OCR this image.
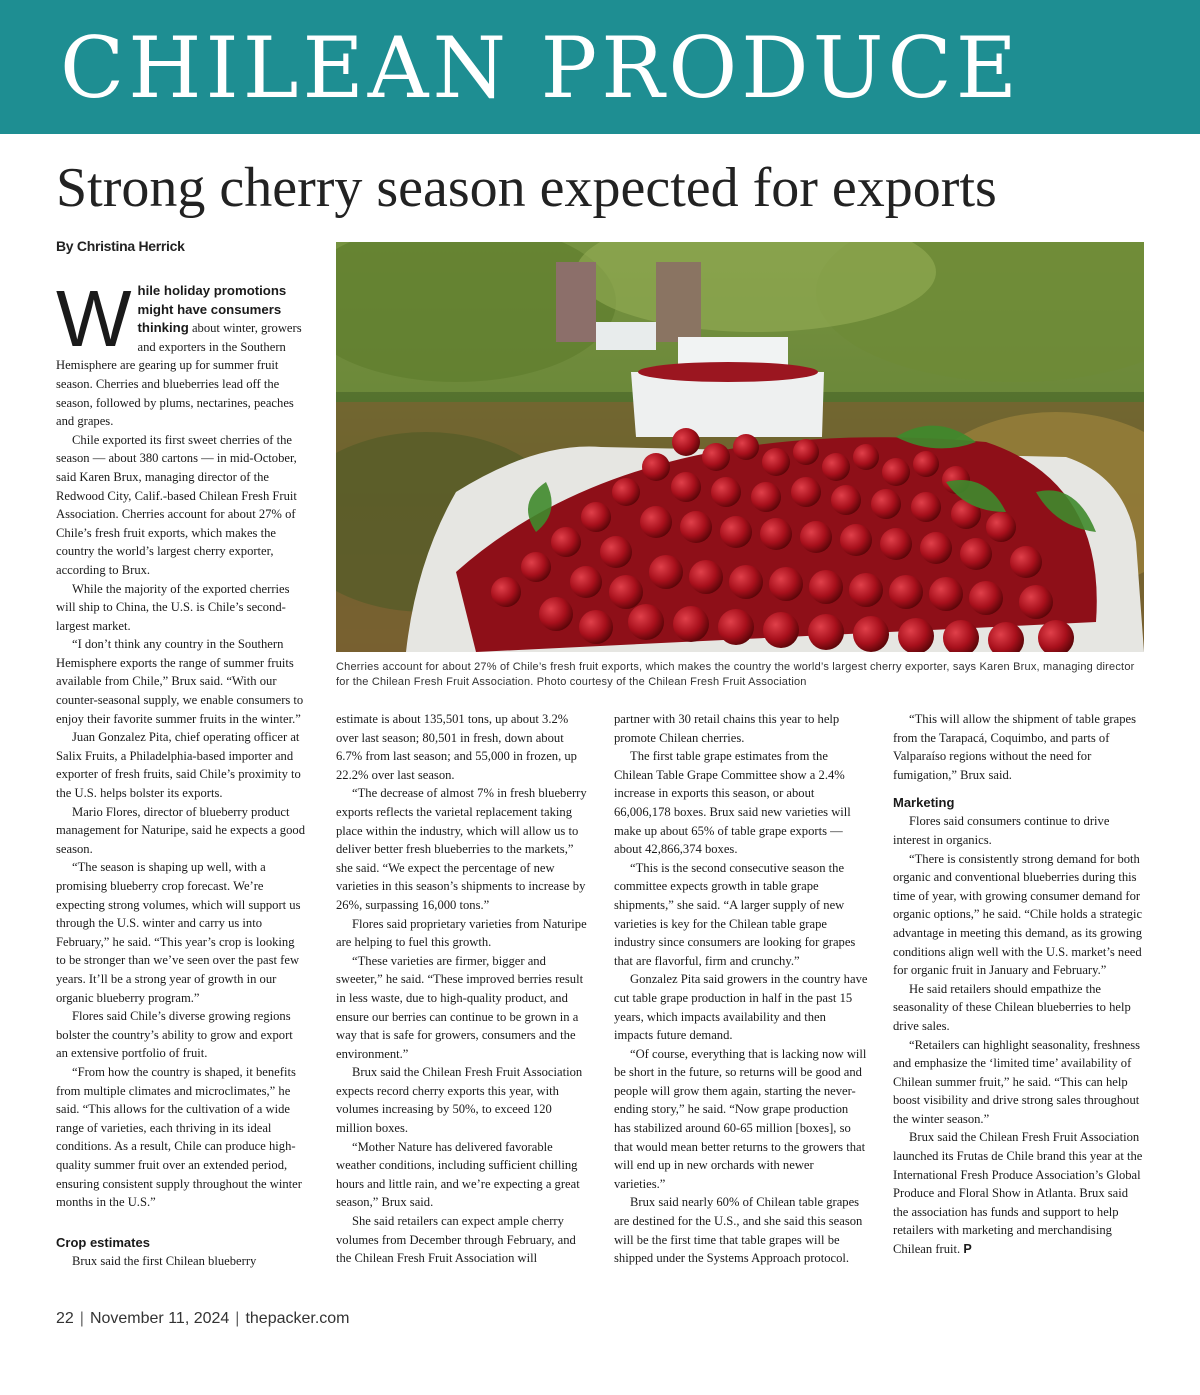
CHILEAN PRODUCE
Strong cherry season expected for exports
By Christina Herrick
Cherries account for about 27% of Chile’s fresh fruit exports, which makes the country the world’s largest cherry exporter, says Karen Brux, managing director for the Chilean Fresh Fruit Association. Photo courtesy of the Chilean Fresh Fruit Association

While holiday promotions might have consumers thinking about winter, growers and exporters in the Southern Hemisphere are gearing up for summer fruit season. Cherries and blueberries lead off the season, followed by plums, nectarines, peaches and grapes.

Chile exported its first sweet cherries of the season — about 380 cartons — in mid-October, said Karen Brux, managing director of the Redwood City, Calif.-based Chilean Fresh Fruit Association. Cherries account for about 27% of Chile’s fresh fruit exports, which makes the country the world’s largest cherry exporter, according to Brux.

While the majority of the exported cherries will ship to China, the U.S. is Chile’s second-largest market.

“I don’t think any country in the Southern Hemisphere exports the range of summer fruits available from Chile,” Brux said. “With our counter-seasonal supply, we enable consumers to enjoy their favorite summer fruits in the winter.”

Juan Gonzalez Pita, chief operating officer at Salix Fruits, a Philadelphia-based importer and exporter of fresh fruits, said Chile’s proximity to the U.S. helps bolster its exports.

Mario Flores, director of blueberry product management for Naturipe, said he expects a good season.

“The season is shaping up well, with a promising blueberry crop forecast. We’re expecting strong volumes, which will support us through the U.S. winter and carry us into February,” he said. “This year’s crop is looking to be stronger than we’ve seen over the past few years. It’ll be a strong year of growth in our organic blueberry program.”

Flores said Chile’s diverse growing regions bolster the country’s ability to grow and export an extensive portfolio of fruit.

“From how the country is shaped, it benefits from multiple climates and microclimates,” he said. “This allows for the cultivation of a wide range of varieties, each thriving in its ideal conditions. As a result, Chile can produce high-quality summer fruit over an extended period, ensuring consistent supply throughout the winter months in the U.S.”

Crop estimates

Brux said the first Chilean blueberry

estimate is about 135,501 tons, up about 3.2% over last season; 80,501 in fresh, down about 6.7% from last season; and 55,000 in frozen, up 22.2% over last season.

“The decrease of almost 7% in fresh blueberry exports reflects the varietal replacement taking place within the industry, which will allow us to deliver better fresh blueberries to the markets,” she said. “We expect the percentage of new varieties in this season’s shipments to increase by 26%, surpassing 16,000 tons.”

Flores said proprietary varieties from Naturipe are helping to fuel this growth.

“These varieties are firmer, bigger and sweeter,” he said. “These improved berries result in less waste, due to high-quality product, and ensure our berries can continue to be grown in a way that is safe for growers, consumers and the environment.”

Brux said the Chilean Fresh Fruit Association expects record cherry exports this year, with volumes increasing by 50%, to exceed 120 million boxes.

“Mother Nature has delivered favorable weather conditions, including sufficient chilling hours and little rain, and we’re expecting a great season,” Brux said.

She said retailers can expect ample cherry volumes from December through February, and the Chilean Fresh Fruit Association will

partner with 30 retail chains this year to help promote Chilean cherries.

The first table grape estimates from the Chilean Table Grape Committee show a 2.4% increase in exports this season, or about 66,006,178 boxes. Brux said new varieties will make up about 65% of table grape exports — about 42,866,374 boxes.

“This is the second consecutive season the committee expects growth in table grape shipments,” she said. “A larger supply of new varieties is key for the Chilean table grape industry since consumers are looking for grapes that are flavorful, firm and crunchy.”

Gonzalez Pita said growers in the country have cut table grape production in half in the past 15 years, which impacts availability and then impacts future demand.

“Of course, everything that is lacking now will be short in the future, so returns will be good and people will grow them again, starting the never-ending story,” he said. “Now grape production has stabilized around 60-65 million [boxes], so that would mean better returns to the growers that will end up in new orchards with newer varieties.”

Brux said nearly 60% of Chilean table grapes are destined for the U.S., and she said this season will be the first time that table grapes will be shipped under the Systems Approach protocol.

“This will allow the shipment of table grapes from the Tarapacá, Coquimbo, and parts of Valparaíso regions without the need for fumigation,” Brux said.

Marketing

Flores said consumers continue to drive interest in organics.

“There is consistently strong demand for both organic and conventional blueberries during this time of year, with growing consumer demand for organic options,” he said. “Chile holds a strategic advantage in meeting this demand, as its growing conditions align well with the U.S. market’s need for organic fruit in January and February.”

He said retailers should empathize the seasonality of these Chilean blueberries to help drive sales.

“Retailers can highlight seasonality, freshness and emphasize the ‘limited time’ availability of Chilean summer fruit,” he said. “This can help boost visibility and drive strong sales throughout the winter season.”

Brux said the Chilean Fresh Fruit Association launched its Frutas de Chile brand this year at the International Fresh Produce Association’s Global Produce and Floral Show in Atlanta. Brux said the association has funds and support to help retailers with marketing and merchandising Chilean fruit. P

22 | November 11, 2024 | thepacker.com
